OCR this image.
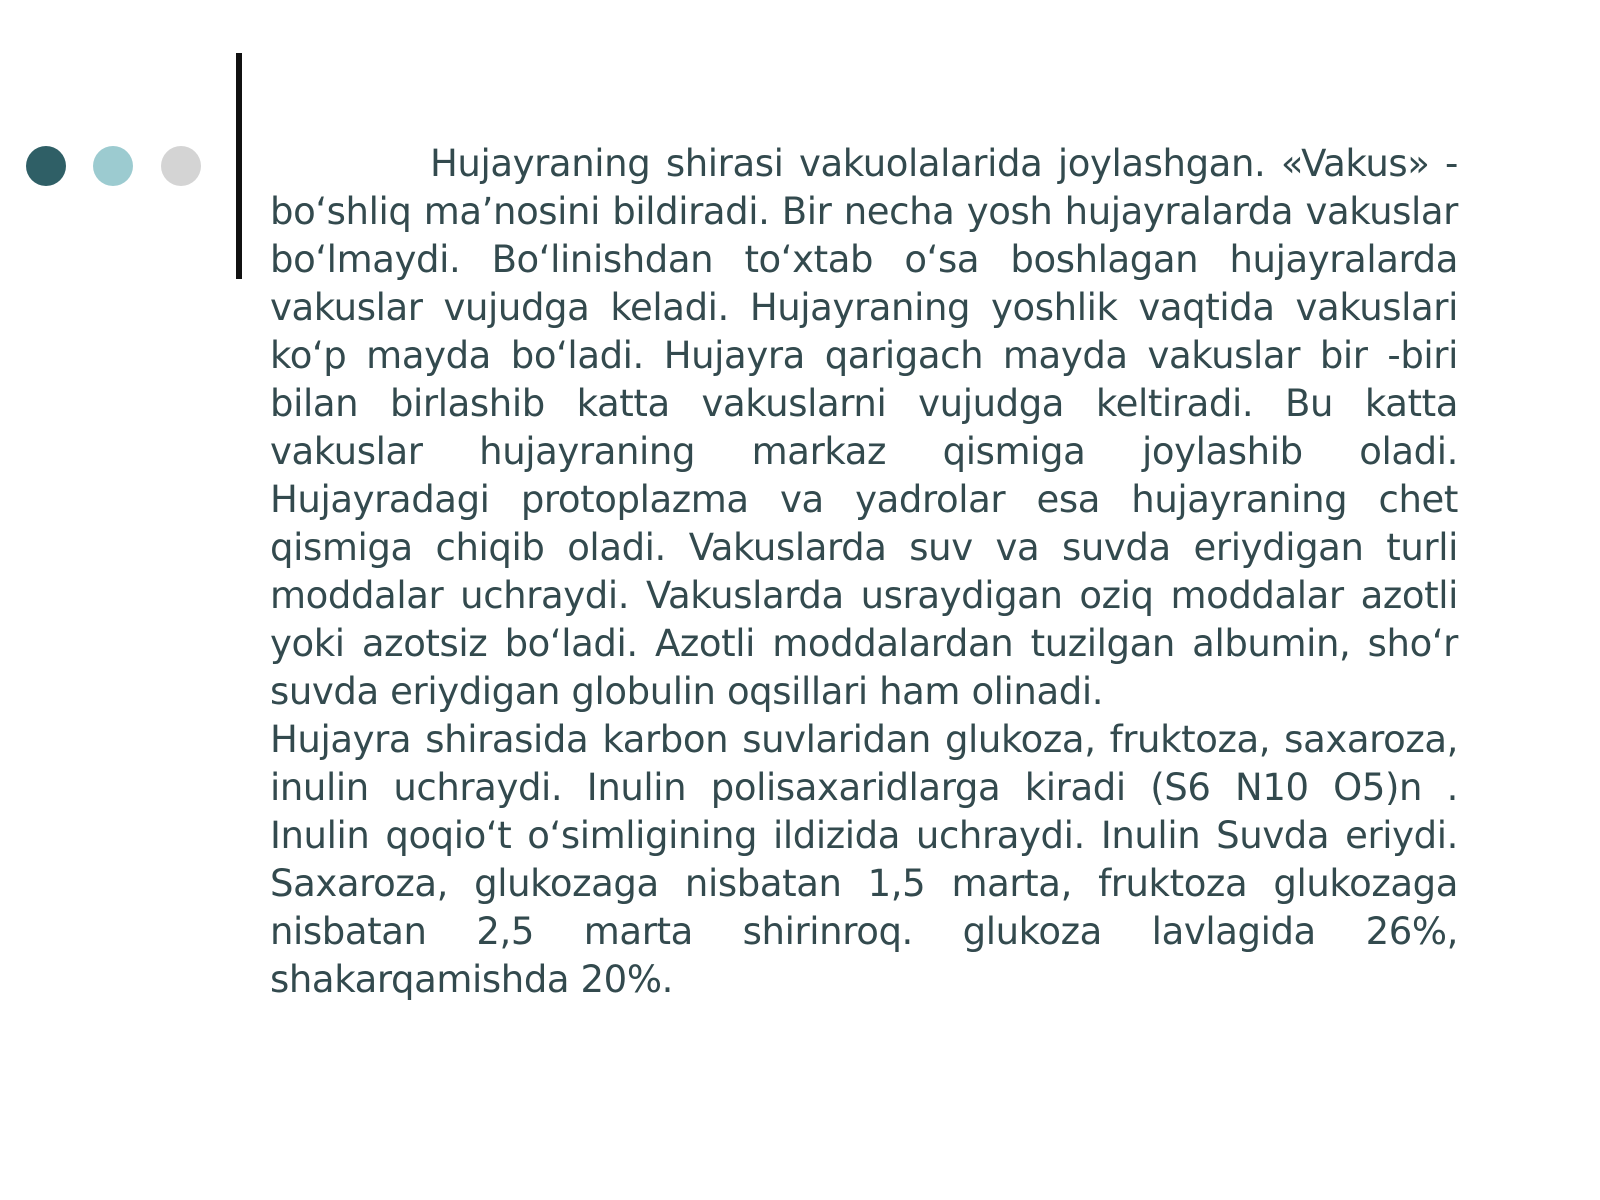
Hujayraning shirasi vakuolalarida joylashgan. «Vakus» - bo‘shliq ma’nosini bildiradi. Bir necha yosh hujayralarda vakuslar bo‘lmaydi. Bo‘linishdan to‘xtab o‘sa boshlagan hujayralarda vakuslar vujudga keladi. Hujayraning yoshlik vaqtida vakuslari ko‘p mayda bo‘ladi. Hujayra qarigach mayda vakuslar bir -biri bilan birlashib katta vakuslarni vujudga keltiradi. Bu katta vakuslar hujayraning markaz qismiga joylashib oladi. Hujayradagi protoplazma va yadrolar esa hujayraning chet qismiga chiqib oladi. Vakuslarda suv va suvda eriydigan turli moddalar uchraydi. Vakuslarda usraydigan oziq moddalar azotli yoki azotsiz bo‘ladi. Azotli moddalardan tuzilgan albumin, sho‘r suvda eriydigan globulin oqsillari ham olinadi.

Hujayra shirasida karbon suvlaridan glukoza, fruktoza, saxaroza, inulin uchraydi. Inulin polisaxaridlarga kiradi (S6 N10 O5)n . Inulin qoqio‘t o‘simligining ildizida uchraydi. Inulin Suvda eriydi. Saxaroza, glukozaga nisbatan 1,5 marta, fruktoza glukozaga nisbatan 2,5 marta shirinroq. glukoza lavlagida 26%, shakarqamishda 20%.
